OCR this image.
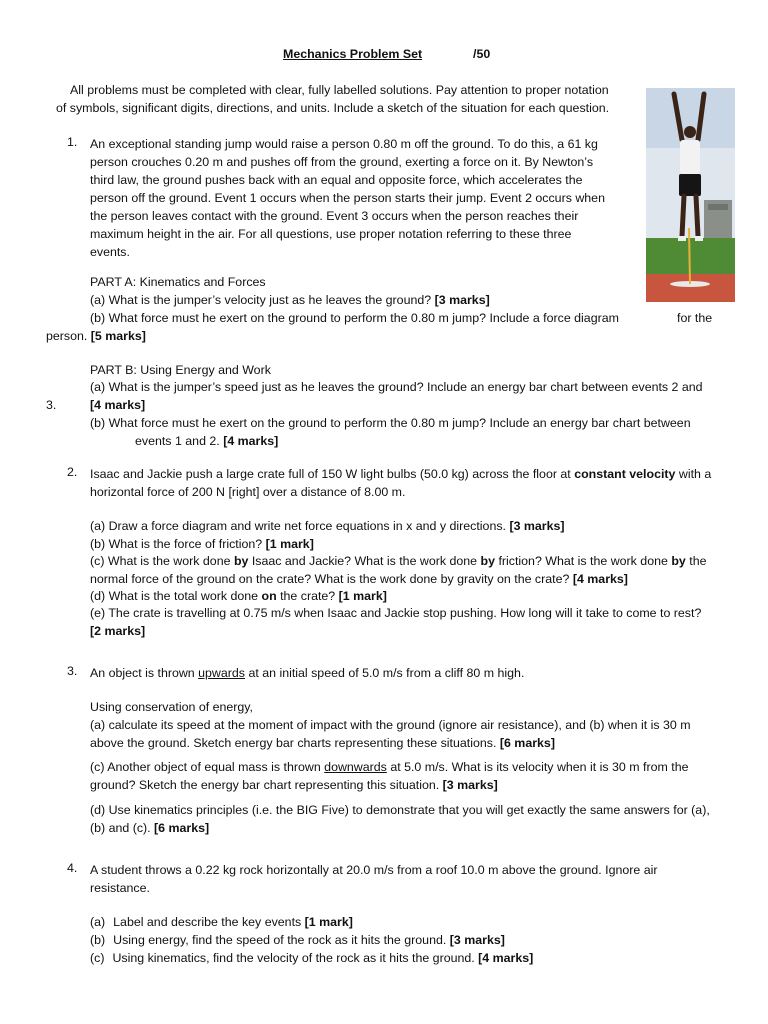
Mechanics Problem Set	/50
All problems must be completed with clear, fully labelled solutions. Pay attention to proper notation
of symbols, significant digits, directions, and units. Include a sketch of the situation for each question.
1. An exceptional standing jump would raise a person 0.80 m off the ground. To do this, a 61 kg
person crouches 0.20 m and pushes off from the ground, exerting a force on it. By Newton’s
third law, the ground pushes back with an equal and opposite force, which accelerates the
person off the ground. Event 1 occurs when the person starts their jump. Event 2 occurs when
the person leaves contact with the ground. Event 3 occurs when the person reaches their
maximum height in the air. For all questions, use proper notation referring to these three
events.
PART A: Kinematics and Forces
(a) What is the jumper’s velocity just as he leaves the ground? [3 marks]
(b) What force must he exert on the ground to perform the 0.80 m jump? Include a force diagram	for the
person. [5 marks]
PART B: Using Energy and Work
(a) What is the jumper’s speed just as he leaves the ground? Include an energy bar chart between events 2 and
3.	[4 marks]
(b) What force must he exert on the ground to perform the 0.80 m jump? Include an energy bar chart between
events 1 and 2. [4 marks]
2. Isaac and Jackie push a large crate full of 150 W light bulbs (50.0 kg) across the floor at constant velocity with a
horizontal force of 200 N [right] over a distance of 8.00 m.
(a) Draw a force diagram and write net force equations in x and y directions. [3 marks]
(b) What is the force of friction? [1 mark]
(c) What is the work done by Isaac and Jackie? What is the work done by friction? What is the work done by the
normal force of the ground on the crate? What is the work done by gravity on the crate? [4 marks]
(d) What is the total work done on the crate? [1 mark]
(e) The crate is travelling at 0.75 m/s when Isaac and Jackie stop pushing. How long will it take to come to rest?
[2 marks]
3. An object is thrown upwards at an initial speed of 5.0 m/s from a cliff 80 m high.
Using conservation of energy,
(a) calculate its speed at the moment of impact with the ground (ignore air resistance), and (b) when it is 30 m
above the ground. Sketch energy bar charts representing these situations. [6 marks]
(c) Another object of equal mass is thrown downwards at 5.0 m/s. What is its velocity when it is 30 m from the
ground? Sketch the energy bar chart representing this situation. [3 marks]
(d) Use kinematics principles (i.e. the BIG Five) to demonstrate that you will get exactly the same answers for (a),
(b) and (c). [6 marks]
4. A student throws a 0.22 kg rock horizontally at 20.0 m/s from a roof 10.0 m above the ground. Ignore air
resistance.
(a) Label and describe the key events [1 mark]
(b) Using energy, find the speed of the rock as it hits the ground. [3 marks]
(c) Using kinematics, find the velocity of the rock as it hits the ground. [4 marks]
